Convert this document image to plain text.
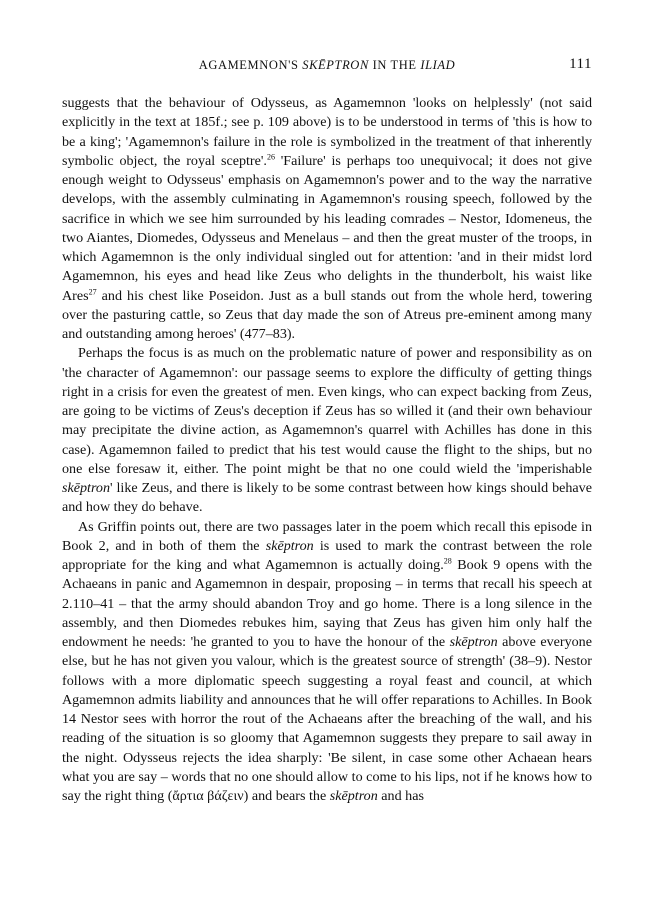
AGAMEMNON'S SKĒPTRON IN THE ILIAD	111

suggests that the behaviour of Odysseus, as Agamemnon 'looks on helplessly' (not said explicitly in the text at 185f.; see p. 109 above) is to be understood in terms of 'this is how to be a king'; 'Agamemnon's failure in the role is symbolized in the treatment of that inherently symbolic object, the royal sceptre'.$^{26}$ 'Failure' is perhaps too unequivocal; it does not give enough weight to Odysseus' emphasis on Agamemnon's power and to the way the narrative develops, with the assembly culminating in Agamemnon's rousing speech, followed by the sacrifice in which we see him surrounded by his leading comrades – Nestor, Idomeneus, the two Aiantes, Diomedes, Odysseus and Menelaus – and then the great muster of the troops, in which Agamemnon is the only individual singled out for attention: 'and in their midst lord Agamemnon, his eyes and head like Zeus who delights in the thunderbolt, his waist like Ares$^{27}$ and his chest like Poseidon. Just as a bull stands out from the whole herd, towering over the pasturing cattle, so Zeus that day made the son of Atreus pre-eminent among many and outstanding among heroes' (477–83).

Perhaps the focus is as much on the problematic nature of power and responsibility as on 'the character of Agamemnon': our passage seems to explore the difficulty of getting things right in a crisis for even the greatest of men. Even kings, who can expect backing from Zeus, are going to be victims of Zeus's deception if Zeus has so willed it (and their own behaviour may precipitate the divine action, as Agamemnon's quarrel with Achilles has done in this case). Agamemnon failed to predict that his test would cause the flight to the ships, but no one else foresaw it, either. The point might be that no one could wield the 'imperishable skēptron' like Zeus, and there is likely to be some contrast between how kings should behave and how they do behave.

As Griffin points out, there are two passages later in the poem which recall this episode in Book 2, and in both of them the skēptron is used to mark the contrast between the role appropriate for the king and what Agamemnon is actually doing.$^{28}$ Book 9 opens with the Achaeans in panic and Agamemnon in despair, proposing – in terms that recall his speech at 2.110–41 – that the army should abandon Troy and go home. There is a long silence in the assembly, and then Diomedes rebukes him, saying that Zeus has given him only half the endowment he needs: 'he granted to you to have the honour of the skēptron above everyone else, but he has not given you valour, which is the greatest source of strength' (38–9). Nestor follows with a more diplomatic speech suggesting a royal feast and council, at which Agamemnon admits liability and announces that he will offer reparations to Achilles. In Book 14 Nestor sees with horror the rout of the Achaeans after the breaching of the wall, and his reading of the situation is so gloomy that Agamemnon suggests they prepare to sail away in the night. Odysseus rejects the idea sharply: 'Be silent, in case some other Achaean hears what you are say – words that no one should allow to come to his lips, not if he knows how to say the right thing (ἄρτια βάζειν) and bears the skēptron and has
